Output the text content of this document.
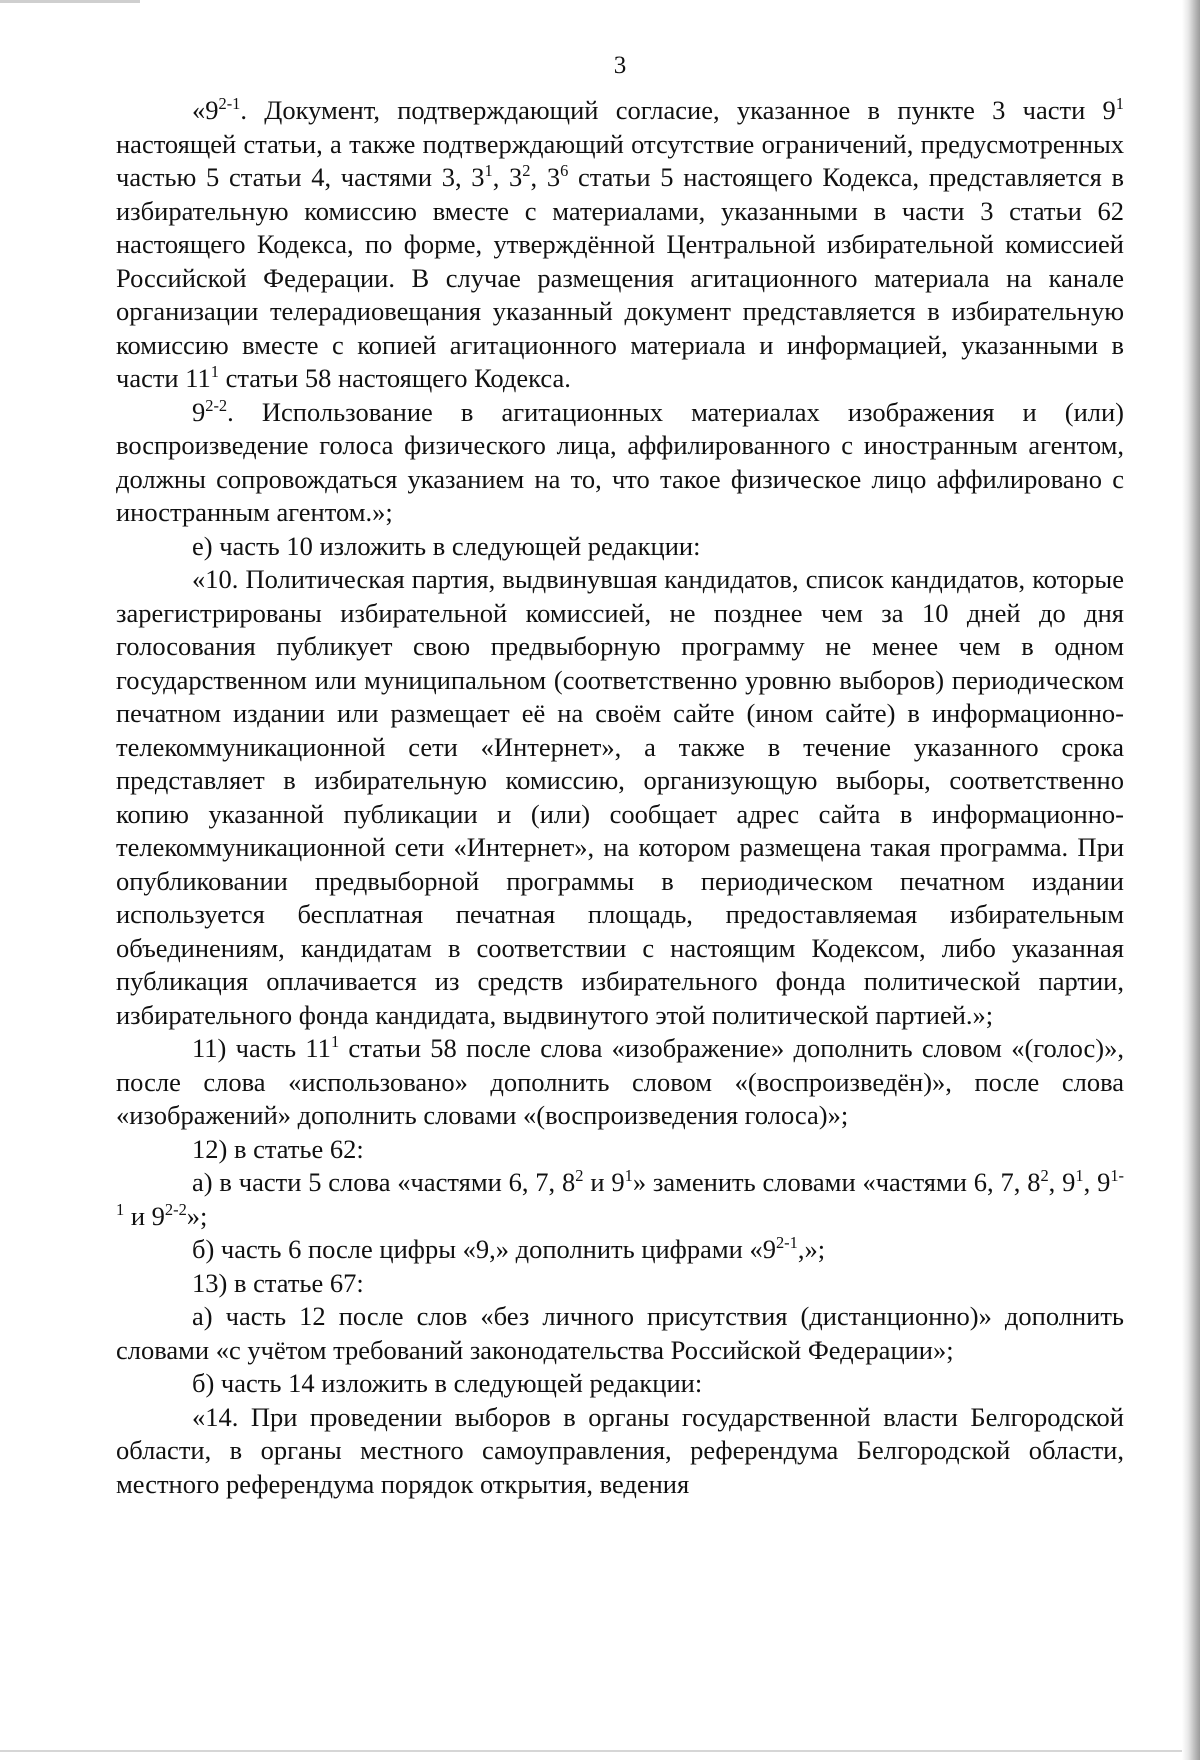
3

«9$^{2-1}$. Документ, подтверждающий согласие, указанное в пункте 3 части $9^1$ настоящей статьи, а также подтверждающий отсутствие ограничений, предусмотренных частью 5 статьи 4, частями 3, $3^1$, $3^2$, $3^6$ статьи 5 настоящего Кодекса, представляется в избирательную комиссию вместе с материалами, указанными в части 3 статьи 62 настоящего Кодекса, по форме, утверждённой Центральной избирательной комиссией Российской Федерации. В случае размещения агитационного материала на канале организации телерадиовещания указанный документ представляется в избирательную комиссию вместе с копией агитационного материала и информацией, указанными в части $11^1$ статьи 58 настоящего Кодекса.

9$^{2-2}$. Использование в агитационных материалах изображения и (или) воспроизведение голоса физического лица, аффилированного с иностранным агентом, должны сопровождаться указанием на то, что такое физическое лицо аффилировано с иностранным агентом.»;

е) часть 10 изложить в следующей редакции:

«10. Политическая партия, выдвинувшая кандидатов, список кандидатов, которые зарегистрированы избирательной комиссией, не позднее чем за 10 дней до дня голосования публикует свою предвыборную программу не менее чем в одном государственном или муниципальном (соответственно уровню выборов) периодическом печатном издании или размещает её на своём сайте (ином сайте) в информационно-телекоммуникационной сети «Интернет», а также в течение указанного срока представляет в избирательную комиссию, организующую выборы, соответственно копию указанной публикации и (или) сообщает адрес сайта в информационно-телекоммуникационной сети «Интернет», на котором размещена такая программа. При опубликовании предвыборной программы в периодическом печатном издании используется бесплатная печатная площадь, предоставляемая избирательным объединениям, кандидатам в соответствии с настоящим Кодексом, либо указанная публикация оплачивается из средств избирательного фонда политической партии, избирательного фонда кандидата, выдвинутого этой политической партией.»;

11) часть $11^1$ статьи 58 после слова «изображение» дополнить словом «(голос)», после слова «использовано» дополнить словом «(воспроизведён)», после слова «изображений» дополнить словами «(воспроизведения голоса)»;

12) в статье 62:

а) в части 5 слова «частями 6, 7, $8^2$ и $9^1$» заменить словами «частями 6, 7, $8^2$, $9^1$, 9$^{1-1}$ и 9$^{2-2}$»;

б) часть 6 после цифры «9,» дополнить цифрами «9$^{2-1}$,»;

13) в статье 67:

а) часть 12 после слов «без личного присутствия (дистанционно)» дополнить словами «с учётом требований законодательства Российской Федерации»;

б) часть 14 изложить в следующей редакции:

«14. При проведении выборов в органы государственной власти Белгородской области, в органы местного самоуправления, референдума Белгородской области, местного референдума порядок открытия, ведения
